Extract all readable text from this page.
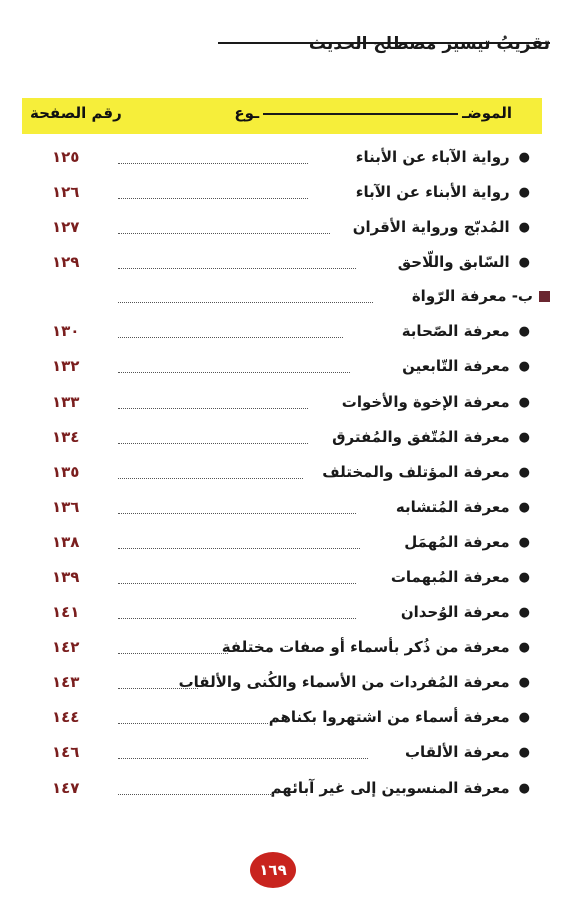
تقريبُ تيسير مصطلح الحديث
الموضــوع
رقم الصفحة
●
رواية الآباء عن الأبناء
١٢٥
●
رواية الأبناء عن الآباء
١٢٦
●
المُدبّج ورواية الأقران
١٢٧
●
السّابق واللّاحق
١٢٩
ب- معرفة الرّواة
●
معرفة الصّحابة
١٣٠
●
معرفة التّابعين
١٣٢
●
معرفة الإخوة والأخوات
١٣٣
●
معرفة المُتّفق والمُفترق
١٣٤
●
معرفة المؤتلف والمختلف
١٣٥
●
معرفة المُتشابه
١٣٦
●
معرفة المُهمَل
١٣٨
●
معرفة المُبهمات
١٣٩
●
معرفة الوُحدان
١٤١
●
معرفة من ذُكر بأسماء أو صفات مختلفة
١٤٢
●
معرفة المُفردات من الأسماء والكُنى والألقاب
١٤٣
●
معرفة أسماء من اشتهروا بكناهم
١٤٤
●
معرفة الألقاب
١٤٦
●
معرفة المنسوبين إلى غير آبائهم
١٤٧
١٦٩
